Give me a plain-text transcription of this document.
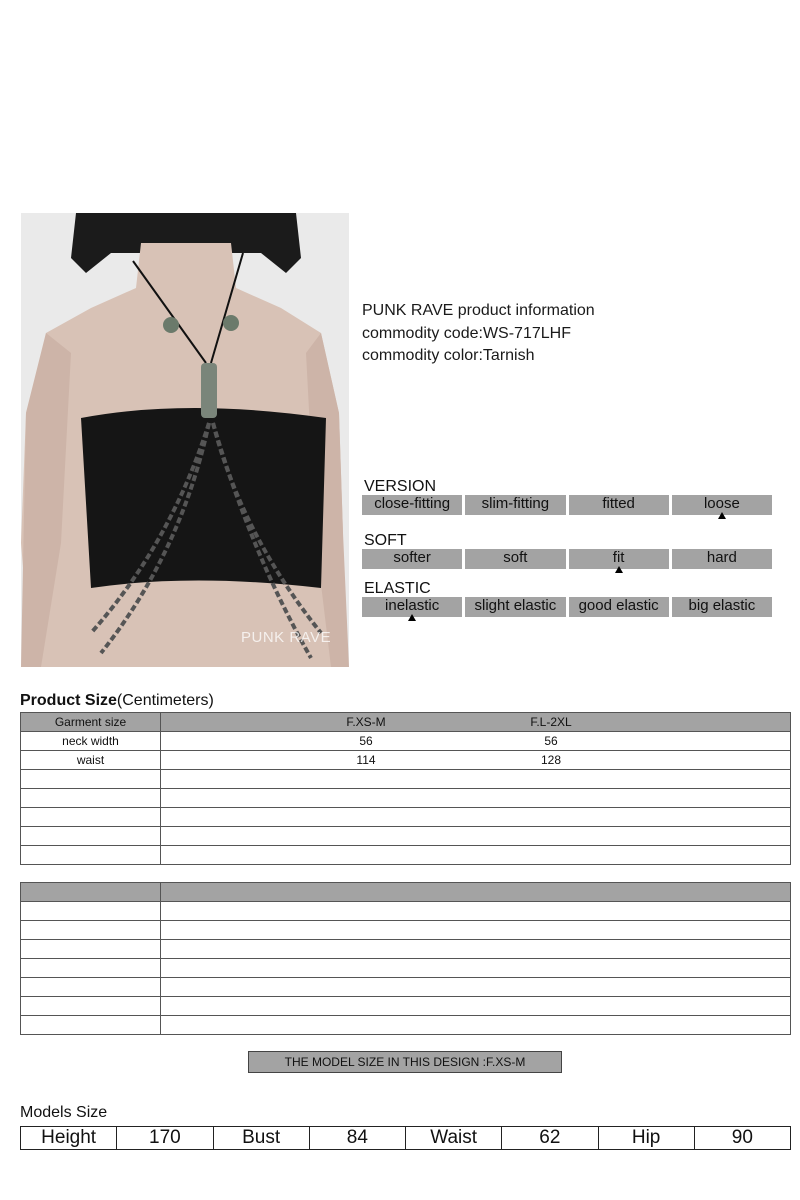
PUNK RAVE
PUNK RAVE product information
commodity code:WS-717LHF
commodity color:Tarnish
VERSION
close-fitting	slim-fitting	fitted	loose
SOFT
softer	soft	fit	hard
ELASTIC
inelastic	slight elastic	good elastic	big elastic
Product Size(Centimeters)
Garment size	F.XS-M F.L-2XL

neck width	56 56

waist	114 128

THE MODEL SIZE IN THIS DESIGN :F.XS-M
Models Size
Height	170	Bust	84	Waist	62	Hip	90
